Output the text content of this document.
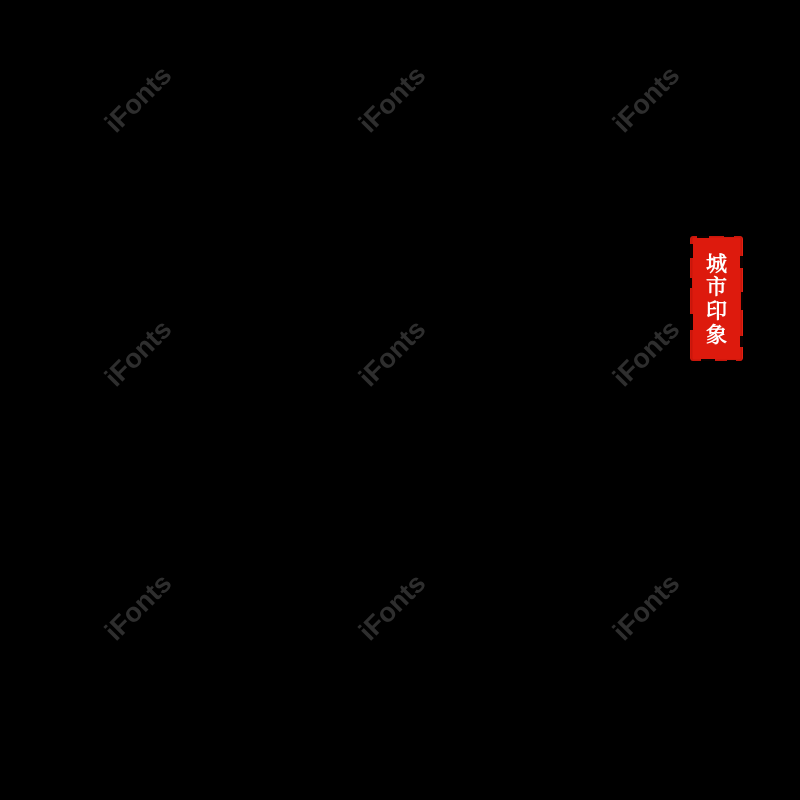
iFonts	iFonts	iFonts
iFonts	iFonts	iFonts
iFonts	iFonts	iFonts
城
市
印
象
